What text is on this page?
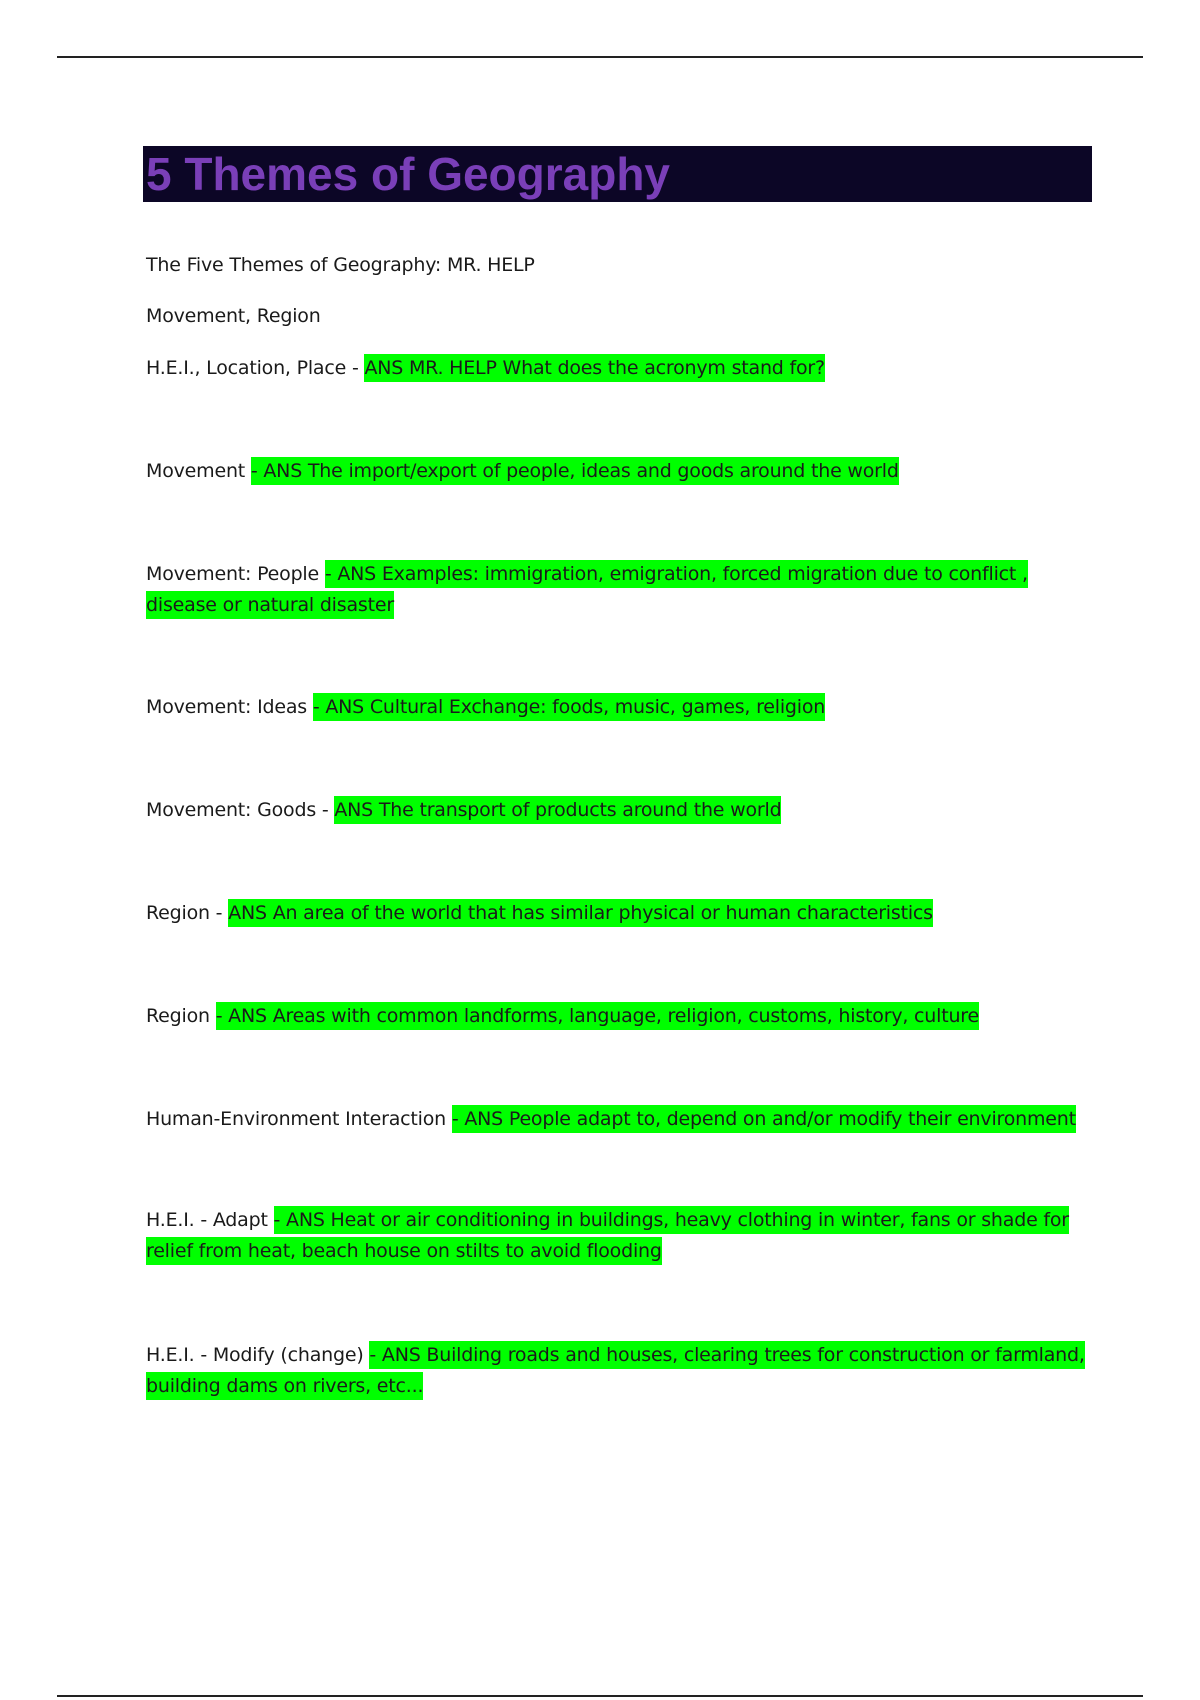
5 Themes of Geography
The Five Themes of Geography: MR. HELP
Movement, Region
H.E.I., Location, Place - ANS MR. HELP What does the acronym stand for?
Movement - ANS The import/export of people, ideas and goods around the world
Movement: People - ANS Examples: immigration, emigration, forced migration due to conflict , disease or natural disaster
Movement: Ideas - ANS Cultural Exchange: foods, music, games, religion
Movement: Goods - ANS The transport of products around the world
Region - ANS An area of the world that has similar physical or human characteristics
Region - ANS Areas with common landforms, language, religion, customs, history, culture
Human-Environment Interaction - ANS People adapt to, depend on and/or modify their environment
H.E.I. - Adapt - ANS Heat or air conditioning in buildings, heavy clothing in winter, fans or shade for relief from heat, beach house on stilts to avoid flooding
H.E.I. - Modify (change) - ANS Building roads and houses, clearing trees for construction or farmland, building dams on rivers, etc...
